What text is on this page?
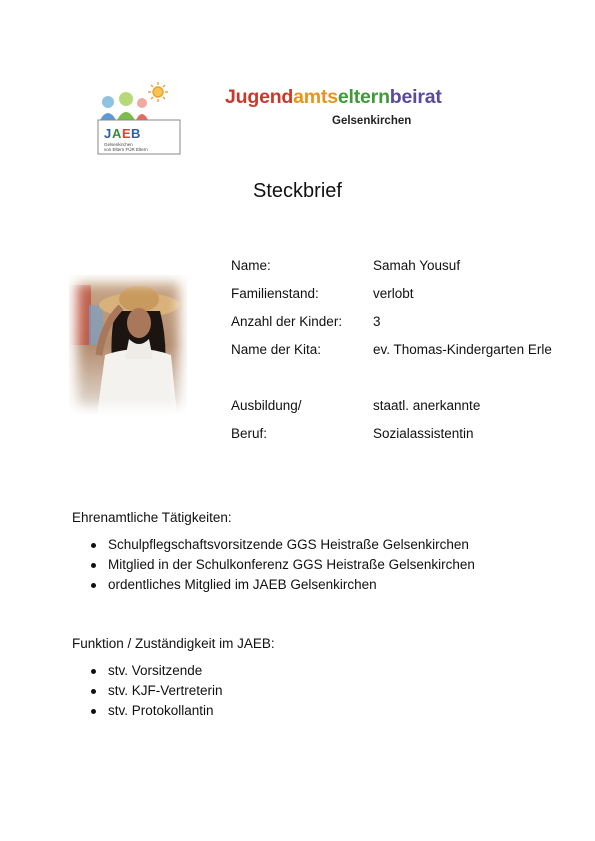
J A E B
Gelsenkirchen
von Eltern FÜR Eltern
Jugendamtselternbeirat
Gelsenkirchen
Steckbrief
Name:	Samah Yousuf
Familienstand:	verlobt
Anzahl der Kinder: 3
Name der Kita:	ev. Thomas-Kindergarten Erle
Ausbildung/	staatl. anerkannte
Beruf:	Sozialassistentin
Ehrenamtliche Tätigkeiten:
Schulpflegschaftsvorsitzende GGS Heistraße Gelsenkirchen
Mitglied in der Schulkonferenz GGS Heistraße Gelsenkirchen
ordentliches Mitglied im JAEB Gelsenkirchen
Funktion / Zuständigkeit im JAEB:
stv. Vorsitzende
stv. KJF-Vertreterin
stv. Protokollantin
